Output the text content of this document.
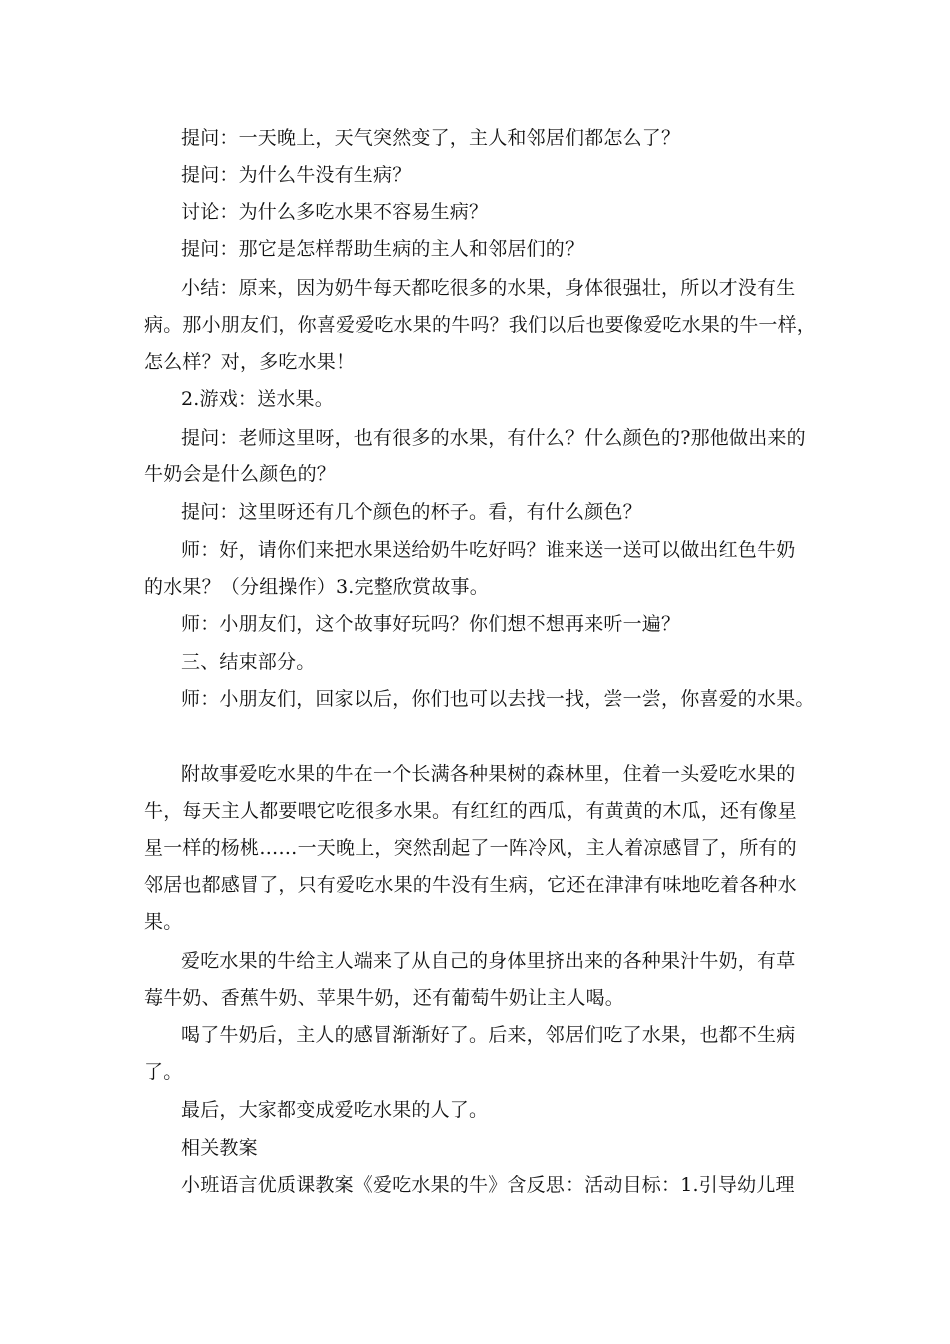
提问：一天晚上，天气突然变了，主人和邻居们都怎么了？
提问：为什么牛没有生病？
讨论：为什么多吃水果不容易生病？
提问：那它是怎样帮助生病的主人和邻居们的？
小结：原来，因为奶牛每天都吃很多的水果，身体很强壮，所以才没有生
病。那小朋友们，你喜爱爱吃水果的牛吗？我们以后也要像爱吃水果的牛一样，
怎么样？对，多吃水果！
2.游戏：送水果。
提问：老师这里呀，也有很多的水果，有什么？什么颜色的?那他做出来的
牛奶会是什么颜色的？
提问：这里呀还有几个颜色的杯子。看，有什么颜色？
师：好，请你们来把水果送给奶牛吃好吗？谁来送一送可以做出红色牛奶
的水果？（分组操作）3.完整欣赏故事。
师：小朋友们，这个故事好玩吗？你们想不想再来听一遍？
三、结束部分。
师：小朋友们，回家以后，你们也可以去找一找，尝一尝，你喜爱的水果。
附故事爱吃水果的牛在一个长满各种果树的森林里，住着一头爱吃水果的
牛，每天主人都要喂它吃很多水果。有红红的西瓜，有黄黄的木瓜，还有像星
星一样的杨桃……一天晚上，突然刮起了一阵冷风，主人着凉感冒了，所有的
邻居也都感冒了，只有爱吃水果的牛没有生病，它还在津津有味地吃着各种水
果。
爱吃水果的牛给主人端来了从自己的身体里挤出来的各种果汁牛奶，有草
莓牛奶、香蕉牛奶、苹果牛奶，还有葡萄牛奶让主人喝。
喝了牛奶后，主人的感冒渐渐好了。后来，邻居们吃了水果，也都不生病
了。
最后，大家都变成爱吃水果的人了。
相关教案
小班语言优质课教案《爱吃水果的牛》含反思：活动目标：1.引导幼儿理
